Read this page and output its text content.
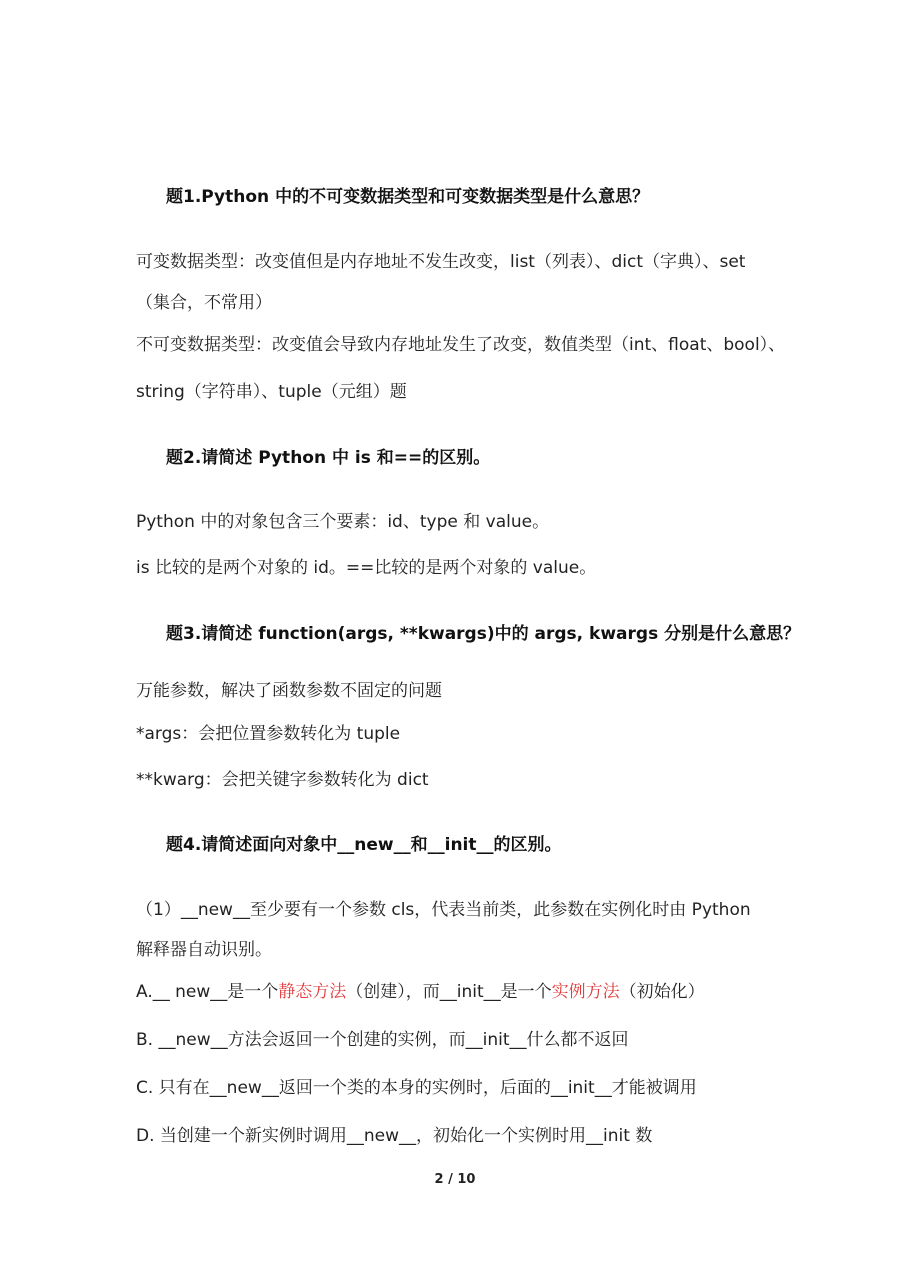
题1.Python 中的不可变数据类型和可变数据类型是什么意思？
可变数据类型：改变值但是内存地址不发生改变，list（列表）、dict（字典）、set
（集合，不常用）
不可变数据类型：改变值会导致内存地址发生了改变，数值类型（int、float、bool）、
string（字符串）、tuple（元组）题
题2.请简述 Python 中 is 和==的区别。
Python 中的对象包含三个要素：id、type 和 value。
is 比较的是两个对象的 id。==比较的是两个对象的 value。
题3.请简述 function(args, **kwargs)中的 args, kwargs 分别是什么意思？
万能参数，解决了函数参数不固定的问题
*args：会把位置参数转化为 tuple
**kwarg：会把关键字参数转化为 dict
题4.请简述面向对象中__new__和__init__的区别。
（1）__new__至少要有一个参数 cls，代表当前类，此参数在实例化时由 Python
解释器自动识别。
A.__ new__是一个静态方法（创建），而__init__是一个实例方法（初始化）
B. __new__方法会返回一个创建的实例，而__init__什么都不返回
C. 只有在__new__返回一个类的本身的实例时，后面的__init__才能被调用
D. 当创建一个新实例时调用__new__，初始化一个实例时用__init 数
2 / 10
